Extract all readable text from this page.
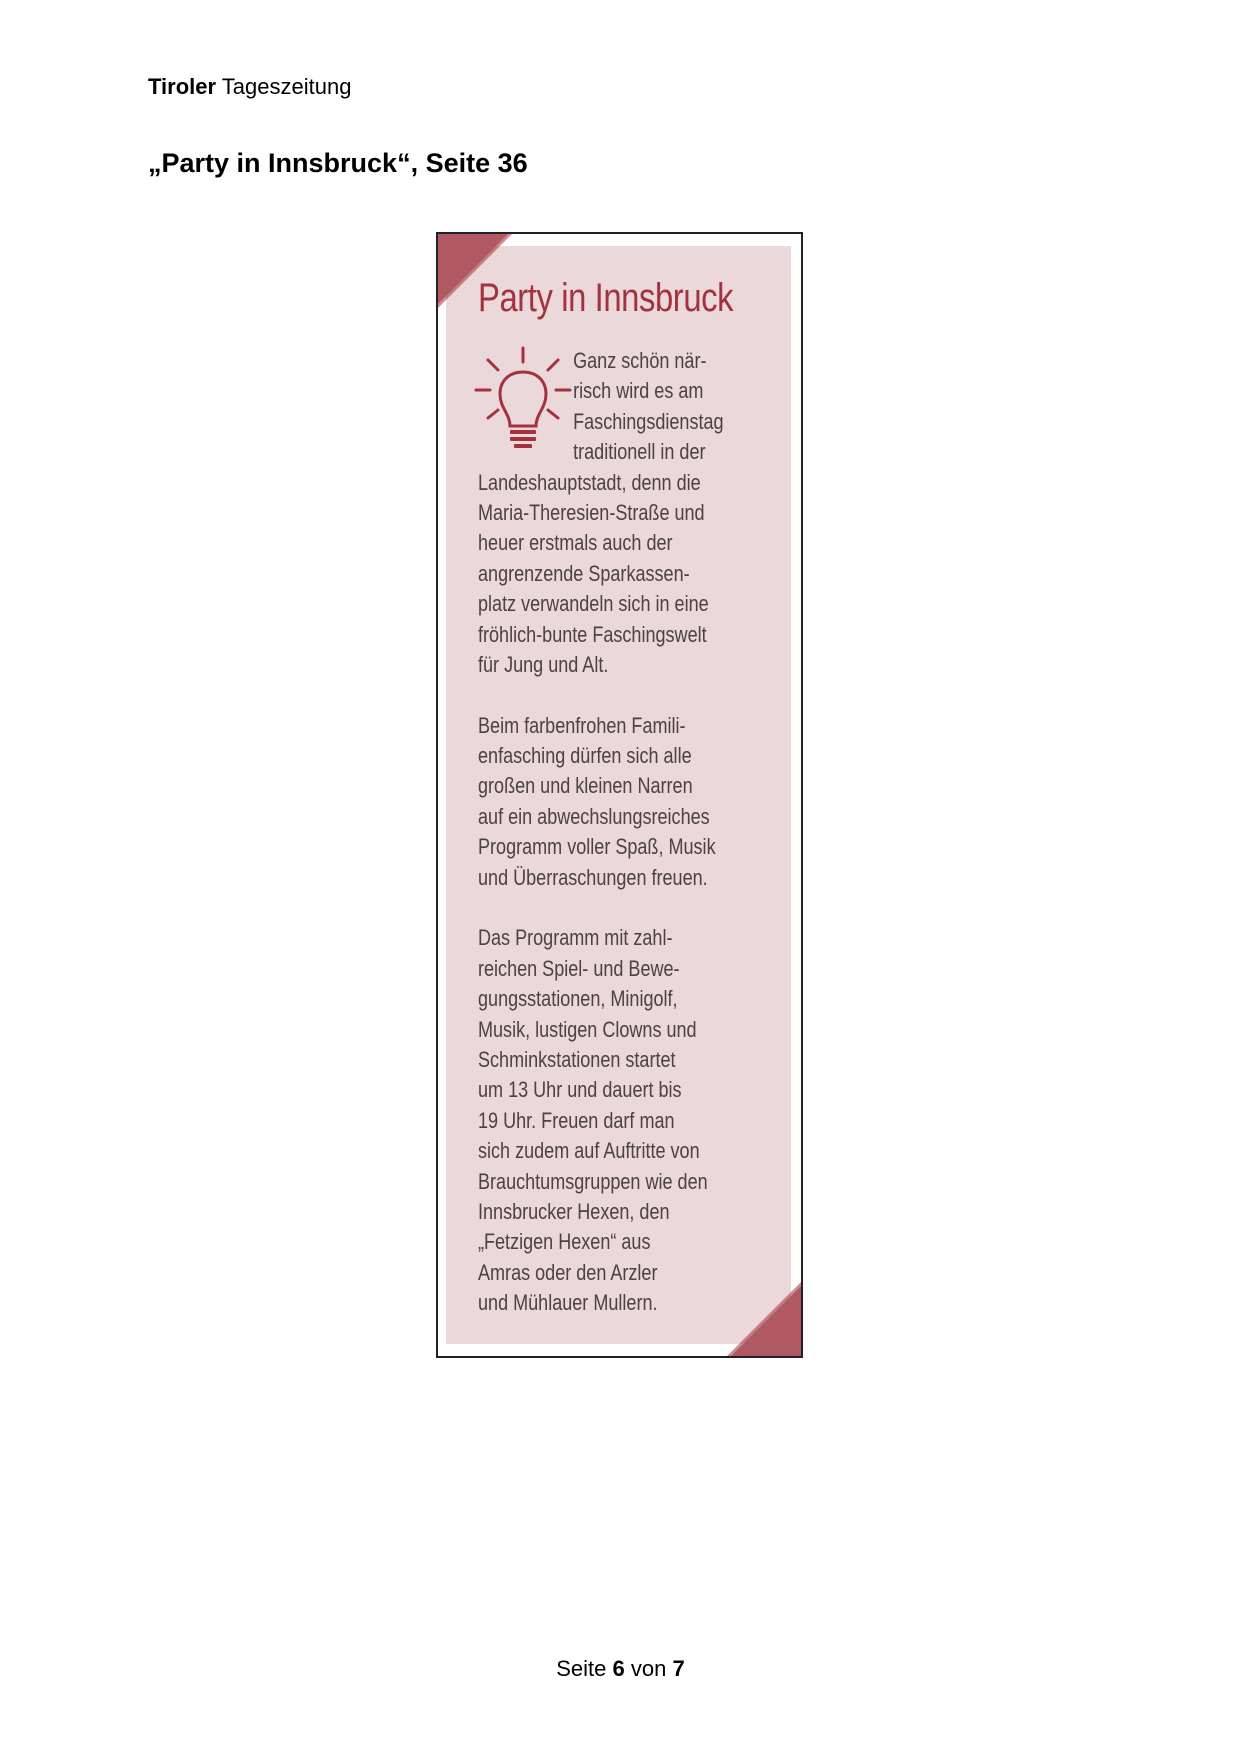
Tiroler Tageszeitung
„Party in Innsbruck“, Seite 36
Party in Innsbruck
Ganz schön när-
risch wird es am
Faschingsdienstag
traditionell in der
Landeshauptstadt, denn die
Maria-Theresien-Straße und
heuer erstmals auch der
angrenzende Sparkassen-
platz verwandeln sich in eine
fröhlich-bunte Faschingswelt
für Jung und Alt.
Beim farbenfrohen Famili-
enfasching dürfen sich alle
großen und kleinen Narren
auf ein abwechslungsreiches
Programm voller Spaß, Musik
und Überraschungen freuen.
Das Programm mit zahl-
reichen Spiel- und Bewe-
gungsstationen, Minigolf,
Musik, lustigen Clowns und
Schminkstationen startet
um 13 Uhr und dauert bis
19 Uhr. Freuen darf man
sich zudem auf Auftritte von
Brauchtumsgruppen wie den
Innsbrucker Hexen, den
„Fetzigen Hexen“ aus
Amras oder den Arzler
und Mühlauer Mullern.
Seite 6 von 7
